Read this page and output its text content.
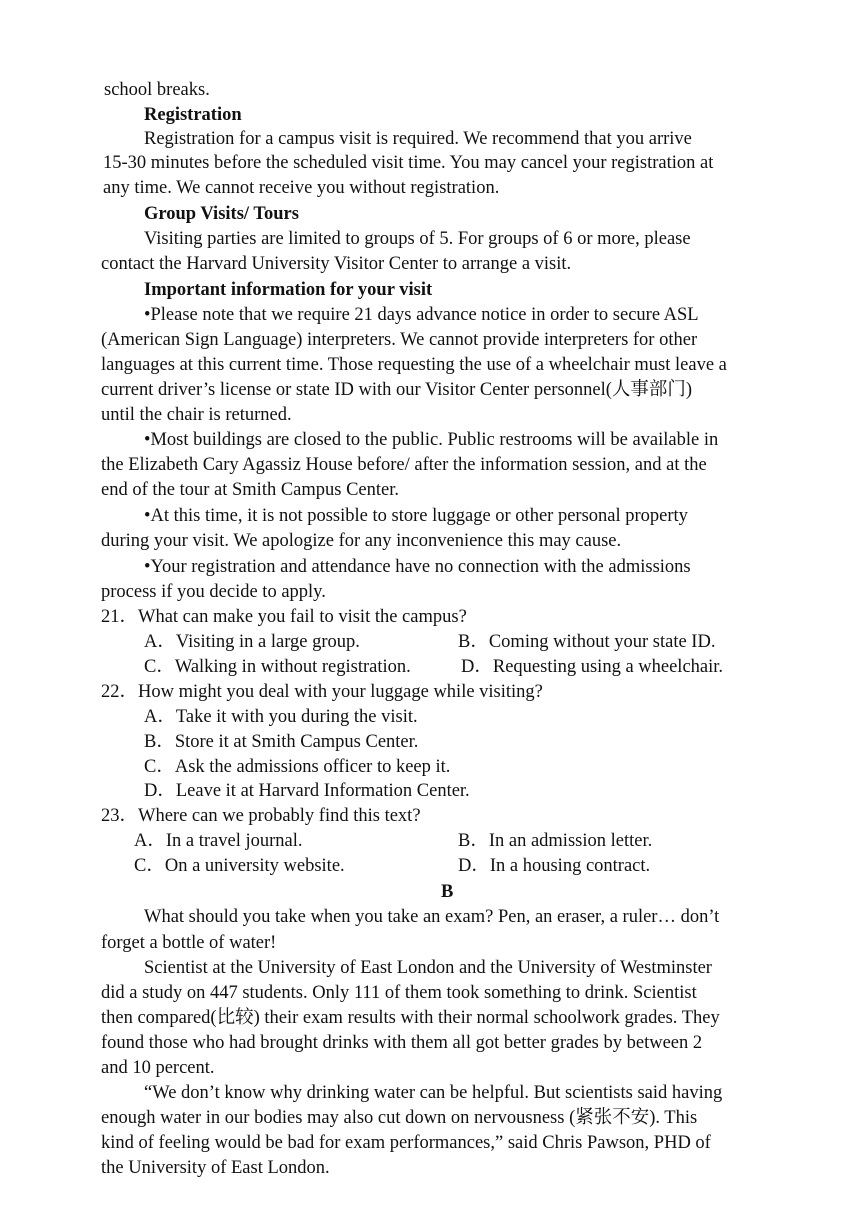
school breaks.
Registration
Registration for a campus visit is required. We recommend that you arrive
15-30 minutes before the scheduled visit time. You may cancel your registration at
any time. We cannot receive you without registration.
Group Visits/ Tours
Visiting parties are limited to groups of 5. For groups of 6 or more, please
contact the Harvard University Visitor Center to arrange a visit.
Important information for your visit
•Please note that we require 21 days advance notice in order to secure ASL
(American Sign Language) interpreters. We cannot provide interpreters for other
languages at this current time. Those requesting the use of a wheelchair must leave a
current driver’s license or state ID with our Visitor Center personnel(人事部门)
until the chair is returned.
•Most buildings are closed to the public. Public restrooms will be available in
the Elizabeth Cary Agassiz House before/ after the information session, and at the
end of the tour at Smith Campus Center.
•At this time, it is not possible to store luggage or other personal property
during your visit. We apologize for any inconvenience this may cause.
•Your registration and attendance have no connection with the admissions
process if you decide to apply.
21．What can make you fail to visit the campus?
A．Visiting in a large group.	B．Coming without your state ID.
C．Walking in without registration.	D．Requesting using a wheelchair.
22．How might you deal with your luggage while visiting?
A．Take it with you during the visit.
B．Store it at Smith Campus Center.
C．Ask the admissions officer to keep it.
D．Leave it at Harvard Information Center.
23．Where can we probably find this text?
A．In a travel journal.	B．In an admission letter.
C．On a university website.	D．In a housing contract.
B
What should you take when you take an exam? Pen, an eraser, a ruler… don’t
forget a bottle of water!
Scientist at the University of East London and the University of Westminster
did a study on 447 students. Only 111 of them took something to drink. Scientist
then compared(比较) their exam results with their normal schoolwork grades. They
found those who had brought drinks with them all got better grades by between 2
and 10 percent.
“We don’t know why drinking water can be helpful. But scientists said having
enough water in our bodies may also cut down on nervousness (紧张不安). This
kind of feeling would be bad for exam performances,” said Chris Pawson, PHD of
the University of East London.
